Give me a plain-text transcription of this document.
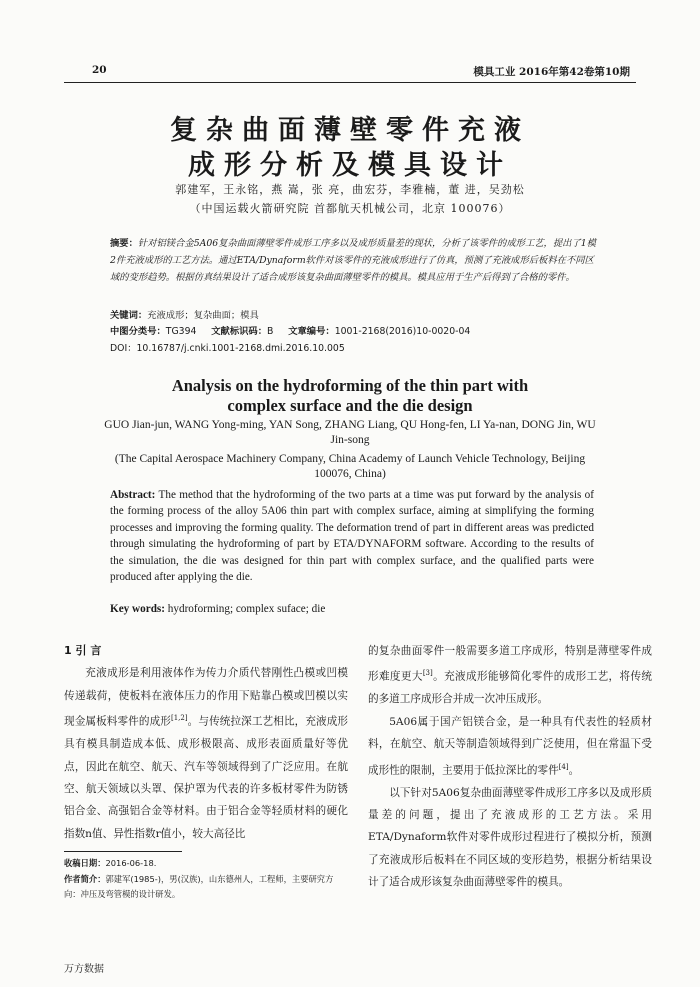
20	模具工业 2016年第42卷第10期
复杂曲面薄壁零件充液
成形分析及模具设计
郭建军，王永铭，燕 嵩，张 亮，曲宏芬，李雅楠，董 进，吴劲松
（中国运载火箭研究院 首都航天机械公司，北京 100076）
摘要：针对铝镁合金5A06复杂曲面薄壁零件成形工序多以及成形质量差的现状，分析了该零件的成形工艺，提出了1模2件充液成形的工艺方法。通过ETA/Dynaform软件对该零件的充液成形进行了仿真，预测了充液成形后板料在不同区域的变形趋势。根据仿真结果设计了适合成形该复杂曲面薄壁零件的模具。模具应用于生产后得到了合格的零件。
关键词：充液成形；复杂曲面；模具
中图分类号：TG394 文献标识码：B 文章编号：1001-2168(2016)10-0020-04
DOI：10.16787/j.cnki.1001-2168.dmi.2016.10.005
Analysis on the hydroforming of the thin part with
complex surface and the die design
GUO Jian-jun, WANG Yong-ming, YAN Song, ZHANG Liang, QU Hong-fen, LI Ya-nan, DONG Jin, WU Jin-song
(The Capital Aerospace Machinery Company, China Academy of Launch Vehicle Technology, Beijing 100076, China)
Abstract: The method that the hydroforming of the two parts at a time was put forward by the analysis of the forming process of the alloy 5A06 thin part with complex surface, aiming at simplifying the forming processes and improving the forming quality. The deformation trend of part in different areas was predicted through simulating the hydroforming of part by ETA/DYNAFORM software. According to the results of the simulation, the die was designed for thin part with complex surface, and the qualified parts were produced after applying the die.
Key words: hydroforming; complex suface; die
1 引 言

充液成形是利用液体作为传力介质代替刚性凸模或凹模传递载荷，使板料在液体压力的作用下贴靠凸模或凹模以实现金属板料零件的成形[1,2]。与传统拉深工艺相比，充液成形具有模具制造成本低、成形极限高、成形表面质量好等优点，因此在航空、航天、汽车等领域得到了广泛应用。在航空、航天领域以头罩、保护罩为代表的许多板材零件为防锈铝合金、高强铝合金等材料。由于铝合金等轻质材料的硬化指数n值、异性指数r值小，较大高径比

的复杂曲面零件一般需要多道工序成形，特别是薄壁零件成形难度更大[3]。充液成形能够简化零件的成形工艺，将传统的多道工序成形合并成一次冲压成形。

5A06属于国产铝镁合金，是一种具有代表性的轻质材料，在航空、航天等制造领域得到广泛使用，但在常温下受成形性的限制，主要用于低拉深比的零件[4]。

以下针对5A06复杂曲面薄壁零件成形工序多以及成形质量差的问题，提出了充液成形的工艺方法。采用ETA/Dynaform软件对零件成形过程进行了模拟分析，预测了充液成形后板料在不同区域的变形趋势，根据分析结果设计了适合成形该复杂曲面薄壁零件的模具。

收稿日期：2016-06-18.
作者简介：郭建军(1985-)，男(汉族)，山东德州人，工程师，主要研究方向：冲压及弯管模的设计研发。
万方数据
